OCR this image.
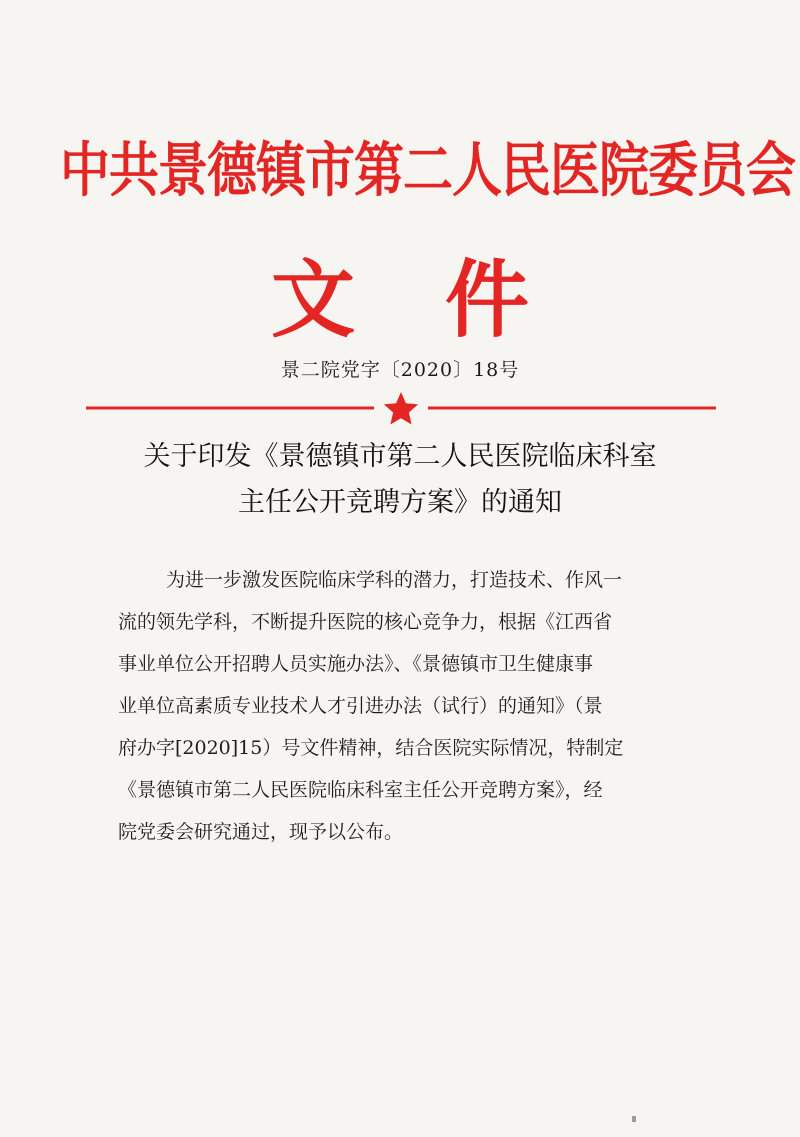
中共景德镇市第二人民医院委员会
文件
景二院党字〔2020〕18号
关于印发《景德镇市第二人民医院临床科室
主任公开竞聘方案》的通知
为进一步激发医院临床学科的潜力，打造技术、作风一
流的领先学科，不断提升医院的核心竞争力，根据《江西省
事业单位公开招聘人员实施办法》、《景德镇市卫生健康事
业单位高素质专业技术人才引进办法（试行）的通知》（景
府办字[2020]15）号文件精神，结合医院实际情况，特制定
《景德镇市第二人民医院临床科室主任公开竞聘方案》，经
院党委会研究通过，现予以公布。
